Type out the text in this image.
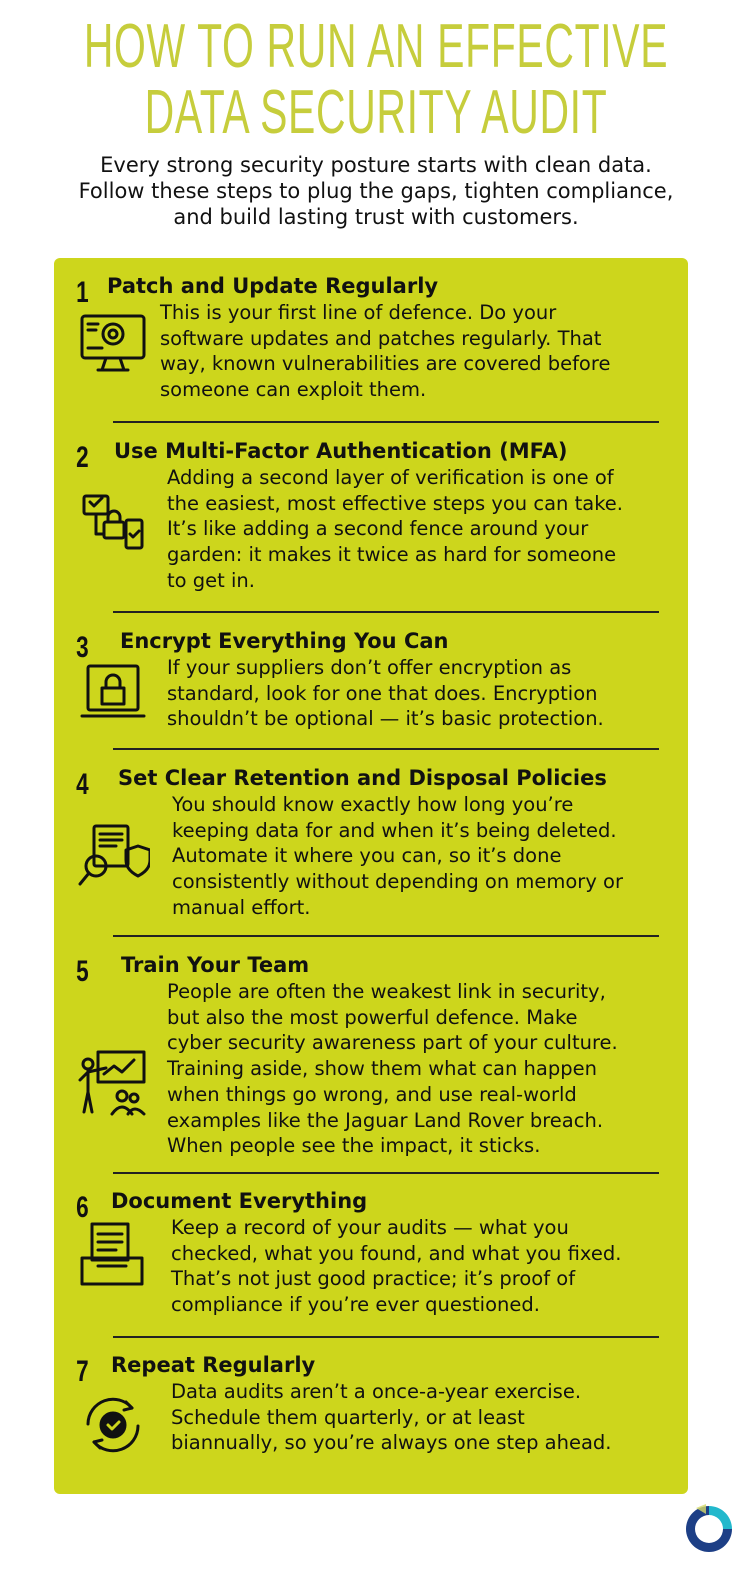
HOW TO RUN AN EFFECTIVE
DATA SECURITY AUDIT
Every strong security posture starts with clean data.
Follow these steps to plug the gaps, tighten compliance,
and build lasting trust with customers.
1 Patch and Update Regularly
This is your first line of defence. Do your
software updates and patches regularly. That
way, known vulnerabilities are covered before
someone can exploit them.
2 Use Multi-Factor Authentication (MFA)
Adding a second layer of verification is one of
the easiest, most effective steps you can take.
It’s like adding a second fence around your
garden: it makes it twice as hard for someone
to get in.
3 Encrypt Everything You Can
If your suppliers don’t offer encryption as
standard, look for one that does. Encryption
shouldn’t be optional — it’s basic protection.
4 Set Clear Retention and Disposal Policies
You should know exactly how long you’re
keeping data for and when it’s being deleted.
Automate it where you can, so it’s done
consistently without depending on memory or
manual effort.
5 Train Your Team
People are often the weakest link in security,
but also the most powerful defence. Make
cyber security awareness part of your culture.
Training aside, show them what can happen
when things go wrong, and use real-world
examples like the Jaguar Land Rover breach.
When people see the impact, it sticks.
6 Document Everything
Keep a record of your audits — what you
checked, what you found, and what you fixed.
That’s not just good practice; it’s proof of
compliance if you’re ever questioned.
7 Repeat Regularly
Data audits aren’t a once-a-year exercise.
Schedule them quarterly, or at least
biannually, so you’re always one step ahead.
